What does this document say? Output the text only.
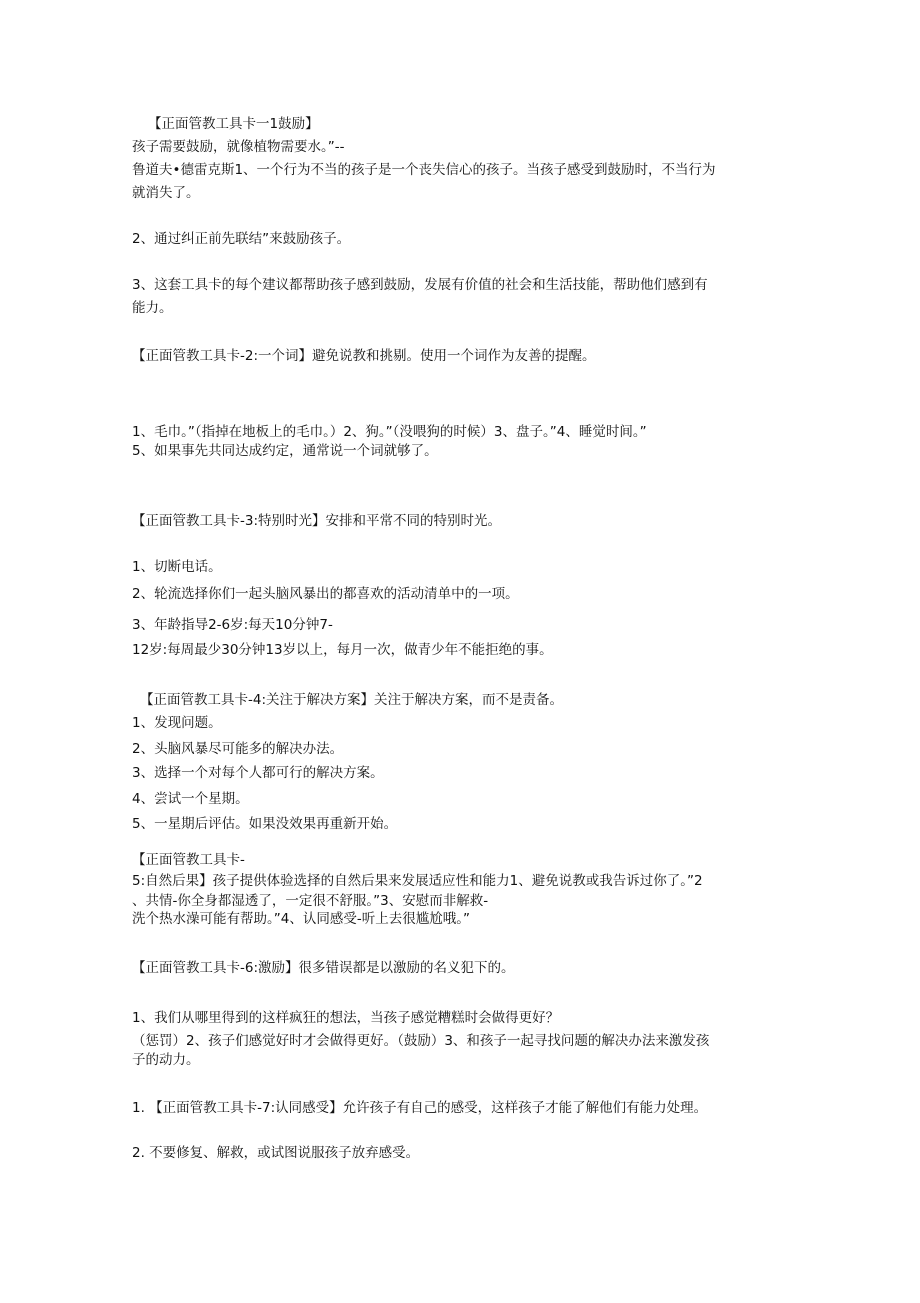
【正面管教工具卡一1鼓励】
孩子需要鼓励，就像植物需要水。”--
鲁道夫•德雷克斯1、一个行为不当的孩子是一个丧失信心的孩子。当孩子感受到鼓励时，不当行为
就消失了。
2、通过纠正前先联结”来鼓励孩子。
3、这套工具卡的每个建议都帮助孩子感到鼓励，发展有价值的社会和生活技能，帮助他们感到有
能力。
【正面管教工具卡-2:一个词】避免说教和挑剔。使用一个词作为友善的提醒。
1、毛巾。”（指掉在地板上的毛巾。）2、狗。”（没喂狗的时候）3、盘子。”4、睡觉时间。”
5、如果事先共同达成约定，通常说一个词就够了。
【正面管教工具卡-3:特别时光】安排和平常不同的特别时光。
1、切断电话。
2、轮流选择你们一起头脑风暴出的都喜欢的活动清单中的一项。
3、年龄指导2-6岁:每天10分钟7-
12岁:每周最少30分钟13岁以上，每月一次，做青少年不能拒绝的事。
【正面管教工具卡-4:关注于解决方案】关注于解决方案，而不是责备。
1、发现问题。
2、头脑风暴尽可能多的解决办法。
3、选择一个对每个人都可行的解决方案。
4、尝试一个星期。
5、一星期后评估。如果没效果再重新开始。
【正面管教工具卡-
5:自然后果】孩子提供体验选择的自然后果来发展适应性和能力1、避免说教或我告诉过你了。”2
、共情-你全身都湿透了，一定很不舒服。”3、安慰而非解救-
洗个热水澡可能有帮助。”4、认同感受-听上去很尴尬哦。”
【正面管教工具卡-6:激励】很多错误都是以激励的名义犯下的。
1、我们从哪里得到的这样疯狂的想法，当孩子感觉糟糕时会做得更好？
（惩罚）2、孩子们感觉好时才会做得更好。（鼓励）3、和孩子一起寻找问题的解决办法来激发孩
子的动力。
1. 【正面管教工具卡-7:认同感受】允许孩子有自己的感受，这样孩子才能了解他们有能力处理。
2. 不要修复、解救，或试图说服孩子放弃感受。
